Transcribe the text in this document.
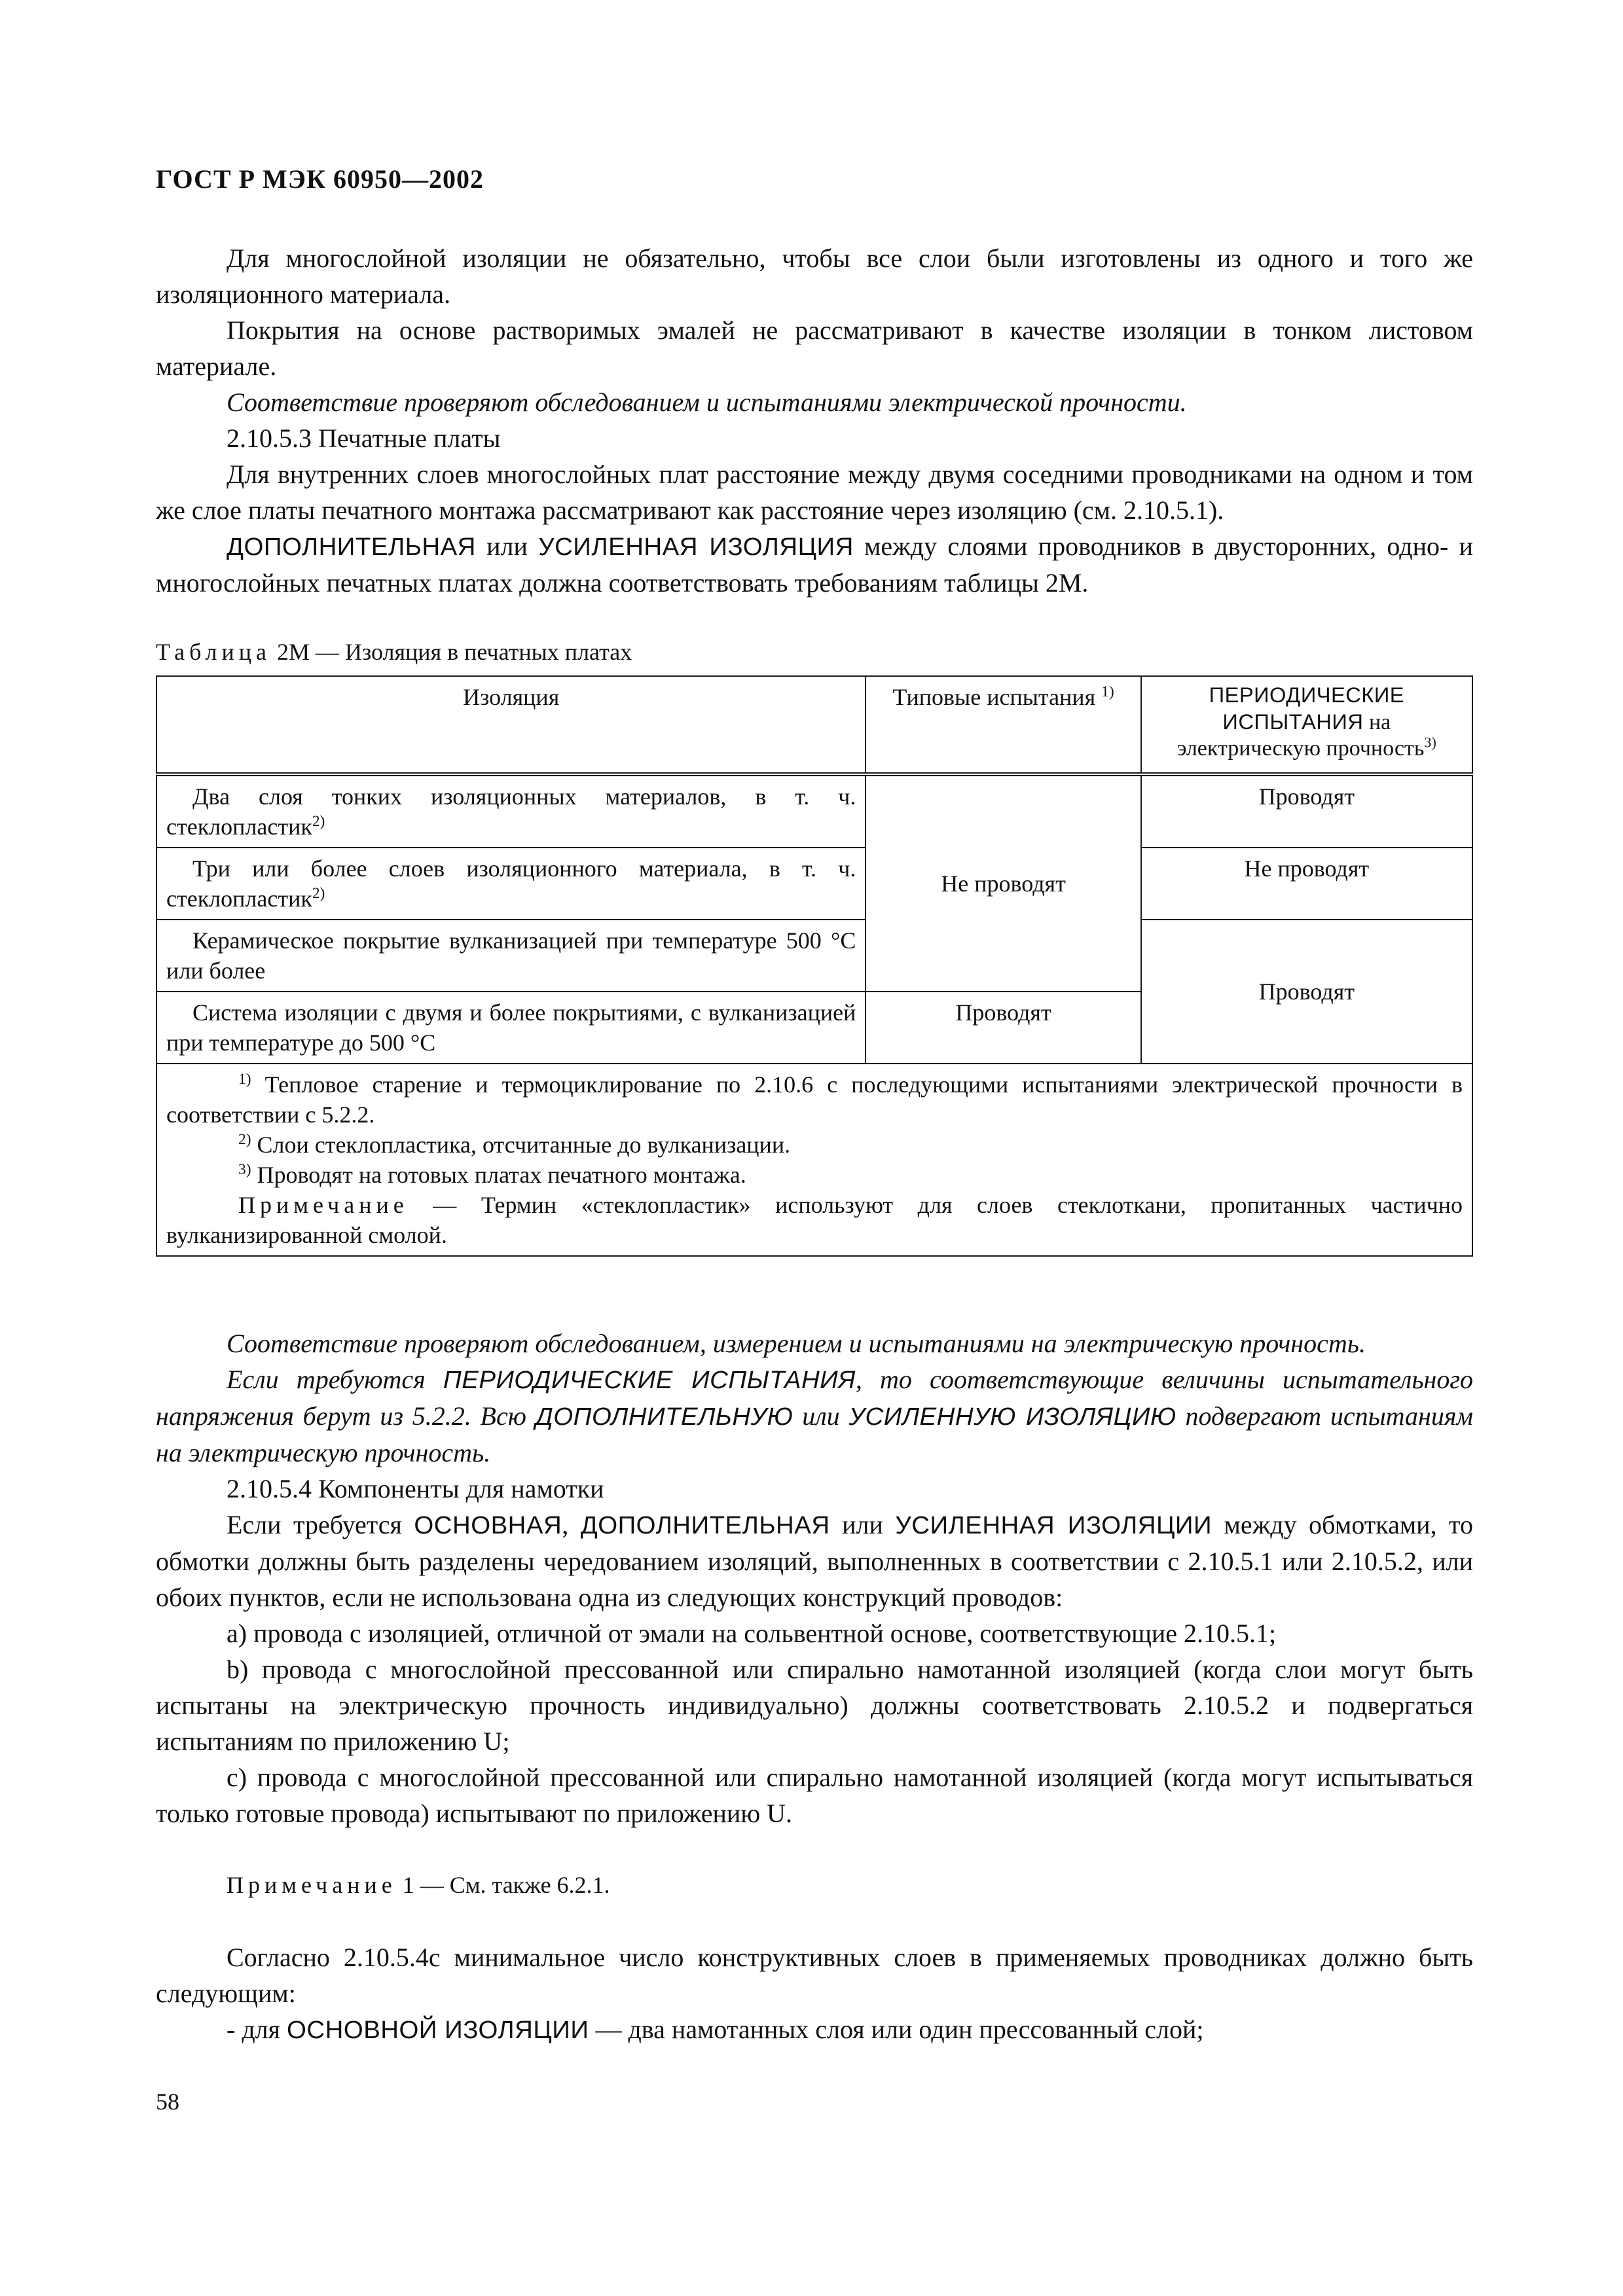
ГОСТ Р МЭК 60950—2002

Для многослойной изоляции не обязательно, чтобы все слои были изготовлены из одного и того же изоляционного материала.

Покрытия на основе растворимых эмалей не рассматривают в качестве изоляции в тонком листовом материале.

Соответствие проверяют обследованием и испытаниями электрической прочности.

2.10.5.3 Печатные платы

Для внутренних слоев многослойных плат расстояние между двумя соседними проводниками на одном и том же слое платы печатного монтажа рассматривают как расстояние через изоляцию (см. 2.10.5.1).

ДОПОЛНИТЕЛЬНАЯ или УСИЛЕННАЯ ИЗОЛЯЦИЯ между слоями проводников в двусторонних, одно- и многослойных печатных платах должна соответствовать требованиям таблицы 2М.

Таблица 2М — Изоляция в печатных платах
Изоляция	Типовые испытания $^{1)}$	ПЕРИОДИЧЕСКИЕ ИСПЫТАНИЯ на электрическую прочность$^{3)}$
Два слоя тонких изоляционных материалов, в т. ч. стеклопластик$^{2)}$	Не проводят	Проводят
Три или более слоев изоляционного материала, в т. ч. стеклопластик$^{2)}$		Не проводят
Керамическое покрытие вулканизацией при температуре 500 °С или более		Проводят
Система изоляции с двумя и более покрытиями, с вулканизацией при температуре до 500 °С	Проводят	

$^{1)}$ Тепловое старение и термоциклирование по 2.10.6 с последующими испытаниями электрической прочности в соответствии с 5.2.2.

$^{2)}$ Слои стеклопластика, отсчитанные до вулканизации.

$^{3)}$ Проводят на готовых платах печатного монтажа.

Примечание — Термин «стеклопластик» используют для слоев стеклоткани, пропитанных частично вулканизированной смолой.		

Соответствие проверяют обследованием, измерением и испытаниями на электрическую прочность.

Если требуются ПЕРИОДИЧЕСКИЕ ИСПЫТАНИЯ, то соответствующие величины испытательного напряжения берут из 5.2.2. Всю ДОПОЛНИТЕЛЬНУЮ или УСИЛЕННУЮ ИЗОЛЯЦИЮ подвергают испытаниям на электрическую прочность.

2.10.5.4 Компоненты для намотки

Если требуется ОСНОВНАЯ, ДОПОЛНИТЕЛЬНАЯ или УСИЛЕННАЯ ИЗОЛЯЦИИ между обмотками, то обмотки должны быть разделены чередованием изоляций, выполненных в соответствии с 2.10.5.1 или 2.10.5.2, или обоих пунктов, если не использована одна из следующих конструкций проводов:

a) провода с изоляцией, отличной от эмали на сольвентной основе, соответствующие 2.10.5.1;

b) провода с многослойной прессованной или спирально намотанной изоляцией (когда слои могут быть испытаны на электрическую прочность индивидуально) должны соответствовать 2.10.5.2 и подвергаться испытаниям по приложению U;

c) провода с многослойной прессованной или спирально намотанной изоляцией (когда могут испытываться только готовые провода) испытывают по приложению U.

Примечание 1 — См. также 6.2.1.

Согласно 2.10.5.4с минимальное число конструктивных слоев в применяемых проводниках должно быть следующим:

- для ОСНОВНОЙ ИЗОЛЯЦИИ — два намотанных слоя или один прессованный слой;

58
